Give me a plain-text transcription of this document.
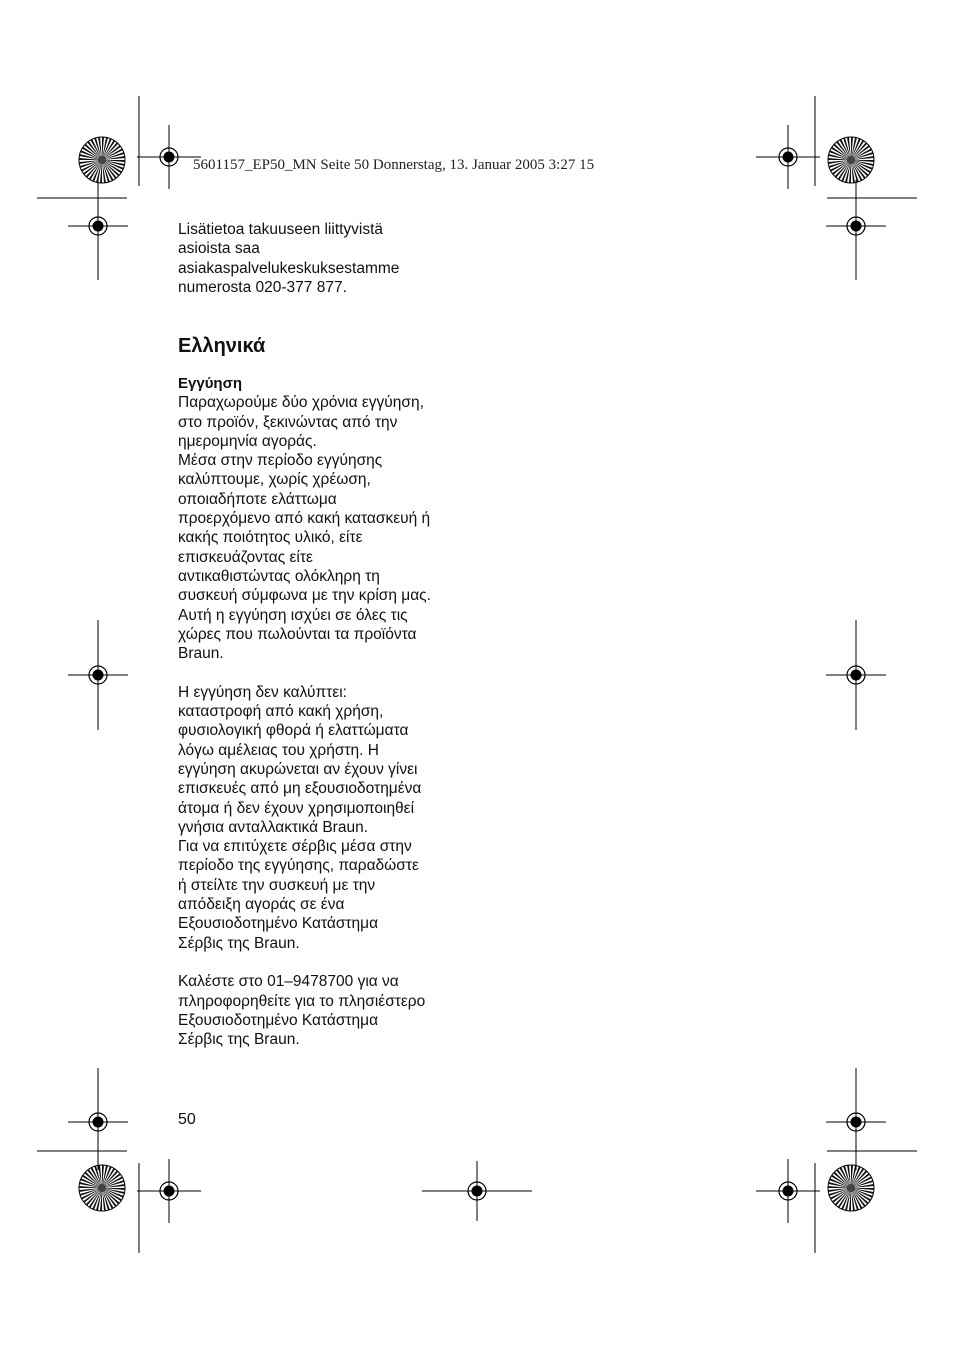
5601157_EP50_MN Seite 50 Donnerstag, 13. Januar 2005 3:27 15
Lisätietoa takuuseen liittyvistä
asioista saa
asiakaspalvelukeskuksestamme
numerosta 020-377 877.
Ελληνικά
Εγγύηση
Παραχωρούμε δύο χρόνια εγγύηση,
στο προϊόν, ξεκινώντας από την
ημερομηνία αγοράς.
Μέσα στην περίοδο εγγύησης
καλύπτουμε, χωρίς χρέωση,
οποιαδήποτε ελάττωμα
προερχόμενο από κακή κατασκευή ή
κακής ποιότητος υλικό, είτε
επισκευάζοντας είτε
αντικαθιστώντας ολόκληρη τη
συσκευή σύμφωνα με την κρίση μας.
Αυτή η εγγύηση ισχύει σε όλες τις
χώρες που πωλούνται τα προϊόντα
Braun.
Η εγγύηση δεν καλύπτει:
καταστροφή από κακή χρήση,
φυσιολογική φθορά ή ελαττώματα
λόγω αμέλειας του χρήστη. Η
εγγύηση ακυρώνεται αν έχουν γίνει
επισκευές από μη εξουσιοδοτημένα
άτομα ή δεν έχουν χρησιμοποιηθεί
γνήσια ανταλλακτικά Braun.
Για να επιτύχετε σέρβις μέσα στην
περίοδο της εγγύησης, παραδώστε
ή στείλτε την συσκευή με την
απόδειξη αγοράς σε ένα
Εξουσιοδοτημένο Κατάστημα
Σέρβις της Braun.
Καλέστε στο 01–9478700 για να
πληροφορηθείτε για το πλησιέστερο
Εξουσιοδοτημένο Κατάστημα
Σέρβις της Braun.
50
